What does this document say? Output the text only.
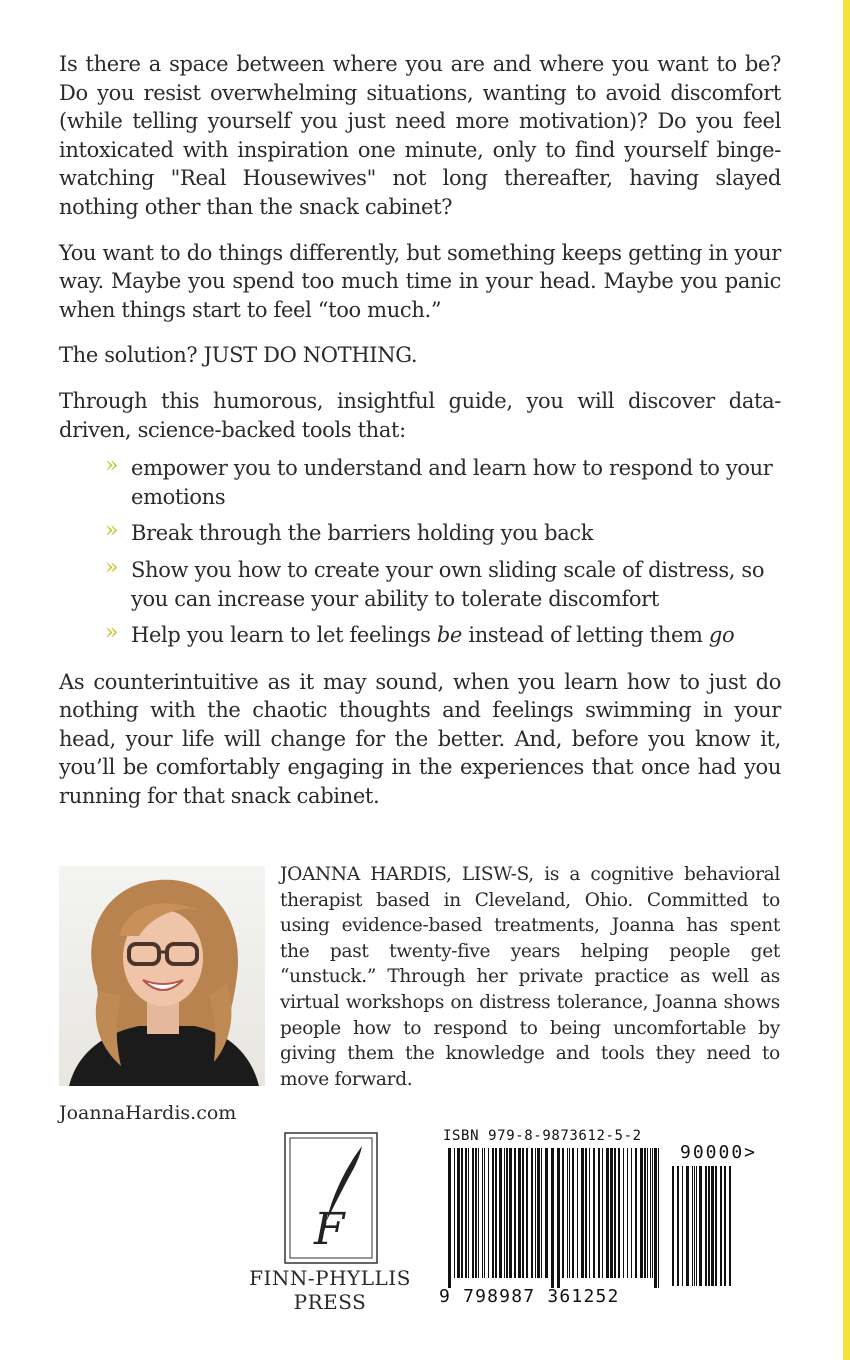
Is there a space between where you are and where you want to be? Do you resist overwhelming situations, wanting to avoid discomfort (while telling yourself you just need more motivation)? Do you feel intoxicated with inspiration one minute, only to find yourself binge-watching "Real Housewives" not long thereafter, having slayed nothing other than the snack cabinet?

You want to do things differently, but something keeps getting in your way. Maybe you spend too much time in your head. Maybe you panic when things start to feel “too much.”

The solution? JUST DO NOTHING.

Through this humorous, insightful guide, you will discover data-driven, science-backed tools that:

» empower you to understand and learn how to respond to your emotions
» Break through the barriers holding you back
» Show you how to create your own sliding scale of distress, so you can increase your ability to tolerate discomfort
» Help you learn to let feelings be instead of letting them go

As counterintuitive as it may sound, when you learn how to just do nothing with the chaotic thoughts and feelings swimming in your head, your life will change for the better. And, before you know it, you’ll be comfortably engaging in the experiences that once had you running for that snack cabinet.

JOANNA HARDIS, LISW-S, is a cognitive behavioral therapist based in Cleveland, Ohio. Committed to using evidence-based treatments, Joanna has spent the past twenty-five years helping people get “unstuck.” Through her private practice as well as virtual workshops on distress tolerance, Joanna shows people how to respond to being uncomfortable by giving them the knowledge and tools they need to move forward.

JoannaHardis.com

F

FINN-PHYLLIS
PRESS

ISBN 979-8-9873612-5-2

9 798987 361252

90000>
